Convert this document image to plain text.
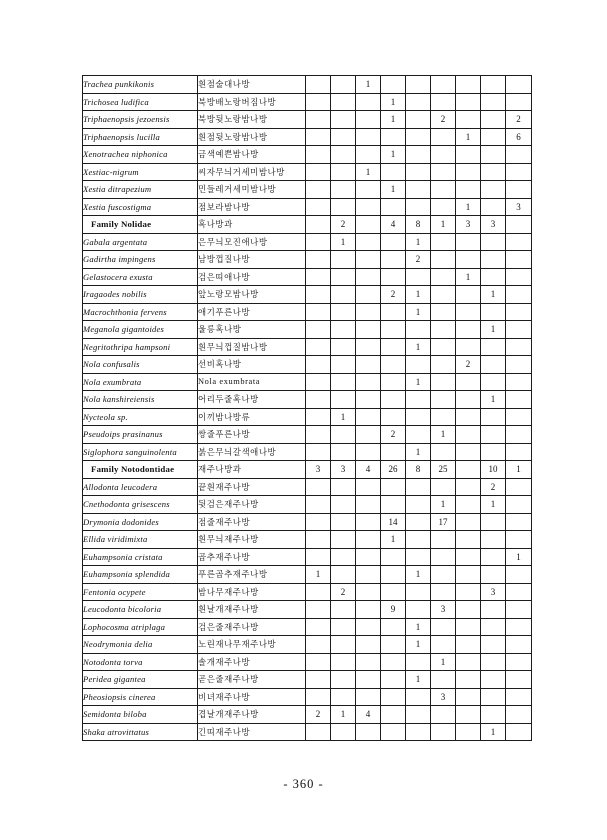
Trachea punkikonis	흰점술대나방			1						
Trichosea ludifica	북방배노랑버짐나방				1					
Triphaenopsis jezoensis	북방뒷노랑밤나방				1		2			2
Triphaenopsis lucilla	흰점뒷노랑밤나방							1		6
Xenotrachea niphonica	금색예쁜밤나방				1					
Xestiac-nigrum	씨자무늬거세미밤나방			1						
Xestia ditrapezium	민들레거세미밤나방				1					
Xestia fuscostigma	점보라밤나방							1		3
Family Nolidae	혹나방과		2		4	8	1	3	3	
Gabala argentata	은무늬모진애나방		1			1				
Gadirtha impingens	남방껍질나방					2				
Gelastocera exusta	검은띠애나방							1		
Iragaodes nobilis	앞노랑모밤나방				2	1			1	
Macrochthonia fervens	애기푸른나방					1				
Meganola gigantoides	울릉혹나방								1	
Negritothripa hampsoni	흰무늬껍질밤나방					1				
Nola confusalis	선비혹나방							2		
Nola exumbrata	Nola exumbrata					1				
Nola kanshireiensis	어리두줄혹나방								1	
Nycteola sp.	이끼밤나방류		1							
Pseudoips prasinanus	쌍줄푸른나방				2		1			
Siglophora sanguinolenta	붉은무늬갈색애나방					1				
Family Notodontidae	재주나방과	3	3	4	26	8	25		10	1
Allodonta leucodera	끝흰재주나방								2	
Cnethodonta grisescens	뒷검은재주나방						1		1	
Drymonia dodonides	점줄재주나방				14		17			
Ellida viridimixta	흰무늬재주나방				1					
Euhampsonia cristata	곱추재주나방									1
Euhampsonia splendida	푸른곱추재주나방	1				1				
Fentonia ocypete	밤나무재주나방		2						3	
Leucodonta bicoloria	흰날개재주나방				9		3			
Lophocosma atriplaga	검은줄재주나방					1				
Neodrymonia delia	노린재나무재주나방					1				
Notodonta torva	솔개재주나방						1			
Peridea gigantea	곧은줄재주나방					1				
Pheosiopsis cinerea	비녀재주나방						3			
Semidonta biloba	겹날개재주나방	2	1	4						
Shaka atrovittatus	긴띠재주나방								1	
- 360 -
